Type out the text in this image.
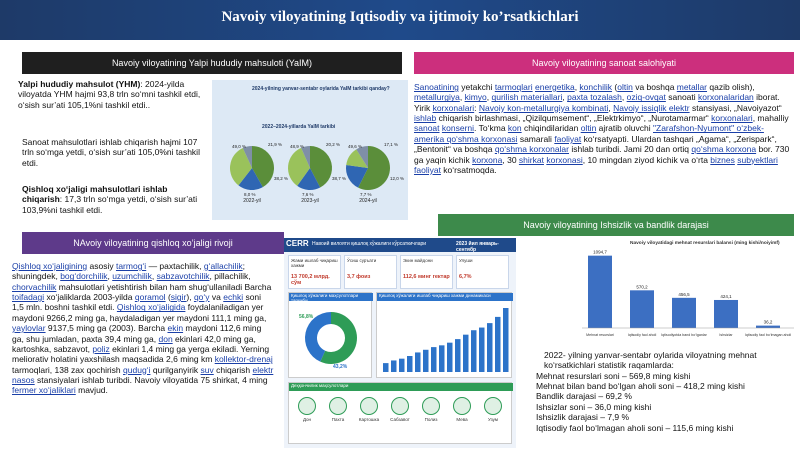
Navoiy viloyatining Iqtisodiy va ijtimoiy ko’rsatkichlari
Navoiy viloyatining Yalpi hududiy mahsuloti (YaIM)	Navoiy viloyatining sanoat salohiyati
Navoiy viloyatining Ishsizlik va bandlik darajasi
NAvoiy viloyatining qishloq xo’jaligi rivoji
Yalpi hududiy mahsulot (YHM): 2024-yilda viloyatda YHM hajmi 93,8 trln so‘mni tashkil etdi, o‘sish sur’ati 105,1%ni tashkil etdi..
Sanoat mahsulotlari ishlab chiqarish hajmi 107 trln so‘mga yetdi, o‘sish sur’ati 105,0%ni tashkil etdi.
Qishloq xo‘jaligi mahsulotlari ishlab chiqarish: 17,3 trln so‘mga yetdi, o‘sish sur’ati 103,9%ni tashkil etdi.
2024-yilning yanvar-sentabr oylarida YaIM tarkibi qanday?
2022–2024-yillarda YaIM tarkibi
2022-yil
49,0 %	21,9 %
38,2 %
8,0 %
2023-yil
48,9 %	20,2 %
38,7 %
7,6 %
2024-yil
49,6 %	17,1 %
12,0 %
7,7 %
Sanoatining yetakchi tarmoqlari energetika, konchilik (oltin va boshqa metallar qazib olish), metallurgiya, kimyo, qurilish materiallari, paxta tozalash, oziq-ovqat sanoati korxonalaridan iborat. Yirik korxonalari: Navoiy kon-metallurgiya kombinati, Navoiy issiqlik elektr stansiyasi, „Navoiyazot“ ishlab chiqarish birlashmasi, „Qizilqumsement“, „Elektrkimyo“, „Nurotamarmar“ korxonalari, mahalliy sanoat konserni. To‘kma kon chiqindilaridan oltin ajratib oluvchi "Zarafshon-Nyumont" o‘zbek-amerika qo‘shma korxonasi samarali faoliyat ko‘rsatyapti. Ulardan tashqari „Agama“, „Zerispark“, „Bentonit“ va boshqa qo‘shma korxonalar ishlab turibdi. Jami 20 dan ortiq qo‘shma korxona bor. 730 ga yaqin kichik korxona, 30 shirkat korxonasi, 10 mingdan ziyod kichik va o‘rta biznes subyektlari faoliyat ko‘rsatmoqda.
Qishloq xo‘jaligining asosiy tarmog‘i — paxtachilik, g‘allachilik; shuningdek, bog‘dorchilik, uzumchilik, sabzavotchilik, pillachilik, chorvachilik mahsulotlari yetishtirish bilan ham shug‘ullaniladi Barcha toifadagi xo‘jaliklarda 2003-yilda qoramol (sigir), qo‘y va echki soni 1,5 mln. boshni tashkil etdi. Qishloq xo‘jaligida foydalaniladigan yer maydoni 9266,2 ming ga, haydaladigan yer maydoni 111,1 ming ga, yaylovlar 9137,5 ming ga (2003). Barcha ekin maydoni 112,6 ming ga, shu jumladan, paxta 39,4 ming ga, don ekinlari 42,0 ming ga, kartoshka, sabzavot, poliz ekinlari 1,4 ming ga yerga ekiladi. Yerning meliorativ holatini yaxshilash maqsadida 2,6 ming km kollektor-drenaj tarmoqlari, 138 zax qochirish qudug‘i qurilganyirik suv chiqarish elektr nasos stansiyalari ishlab turibdi. Navoiy viloyatida 75 shirkat, 4 ming fermer xo‘jaliklari mavjud.
CERR Навоий вилояти қишлоқ хўжалиги кўрсаткичлари	2023 йил январь-сентябр
Жами ишлаб чиқариш хажми
13 700,2 млрд. сўм
Ўсиш суръати
3,7 фоиз
Экин майдони
112,6 минг гектар
Улуши
6,7%
Қишлоқ хўжалиги маҳсулотлари таркиби
56,8%
43,2%
Қишлоқ хўжалиги ишлаб чиқариш хажми динамикаси
Деҳқончилик маҳсулотлари
Дон	Пахта	Картошка	Сабзавот	Полиз	Мева	Узум
Navoiy viloyatidagi mehnat resurslari balansi (ming kishi/noiyimf)
1094,7
Mehnat resurslari
570,2
Iqtisodiy faol aholi
456,5
Iqtisodiyotda band bo‘lganlar
424,1
Ishsizlar
36,2
Iqtisodiy faol bo‘lmagan aholi
2022- yilning yanvar-sentabr oylarida viloyatning mehnat ko‘rsatkichlari statistik raqamlarda:
Mehnat resurslari soni – 569,8 ming kishi
Mehnat bilan band bo‘lgan aholi soni – 418,2 ming kishi
Bandlik darajasi – 69,2 %
Ishsizlar soni – 36,0 ming kishi
Ishsizlik darajasi – 7,9 %
Iqtisodiy faol bo‘lmagan aholi soni – 115,6 ming kishi
